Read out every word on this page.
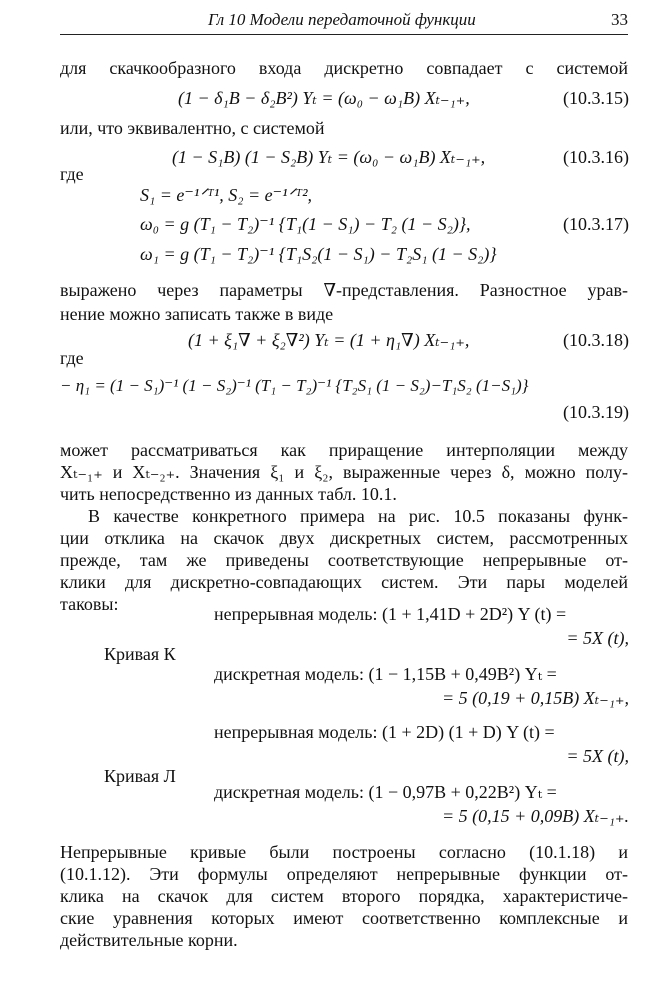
Гл 10 Модели передаточной функции	33
для скачкообразного входа дискретно совпадает с системой
(1 − δ₁B − δ₂B²) Yₜ = (ω₀ − ω₁B) Xₜ₋₁₊,	(10.3.15)
или, что эквивалентно, с системой
(1 − S₁B) (1 − S₂B) Yₜ = (ω₀ − ω₁B) Xₜ₋₁₊,	(10.3.16)
где
S₁ = e⁻¹ᐟᵀ¹, S₂ = e⁻¹ᐟᵀ²,
ω₀ = g (T₁ − T₂)⁻¹ {T₁(1 − S₁) − T₂ (1 − S₂)},	(10.3.17)
ω₁ = g (T₁ − T₂)⁻¹ {T₁S₂(1 − S₁) − T₂S₁ (1 − S₂)}
выражено через параметры ∇-представления. Разностное урав-
нение можно записать также в виде
(1 + ξ₁∇ + ξ₂∇²) Yₜ = (1 + η₁∇) Xₜ₋₁₊,	(10.3.18)
где
− η₁ = (1 − S₁)⁻¹ (1 − S₂)⁻¹ (T₁ − T₂)⁻¹ {T₂S₁ (1 − S₂)−T₁S₂ (1−S₁)}
(10.3.19)
может рассматриваться как приращение интерполяции между
Xₜ₋₁₊ и Xₜ₋₂₊. Значения ξ₁ и ξ₂, выраженные через δ, можно полу-
чить непосредственно из данных табл. 10.1.
В качестве конкретного примера на рис. 10.5 показаны функ-
ции отклика на скачок двух дискретных систем, рассмотренных
прежде, там же приведены соответствующие непрерывные от-
клики для дискретно-совпадающих систем. Эти пары моделей
таковы:	непрерывная модель: (1 + 1,41D + 2D²) Y (t) =
= 5X (t),
Кривая К
дискретная модель: (1 − 1,15B + 0,49B²) Yₜ =
= 5 (0,19 + 0,15B) Xₜ₋₁₊,
непрерывная модель: (1 + 2D) (1 + D) Y (t) =
= 5X (t),
Кривая Л
дискретная модель: (1 − 0,97B + 0,22B²) Yₜ =
= 5 (0,15 + 0,09B) Xₜ₋₁₊.
Непрерывные кривые были построены согласно (10.1.18) и
(10.1.12). Эти формулы определяют непрерывные функции от-
клика на скачок для систем второго порядка, характеристиче-
ские уравнения которых имеют соответственно комплексные и
действительные корни.
